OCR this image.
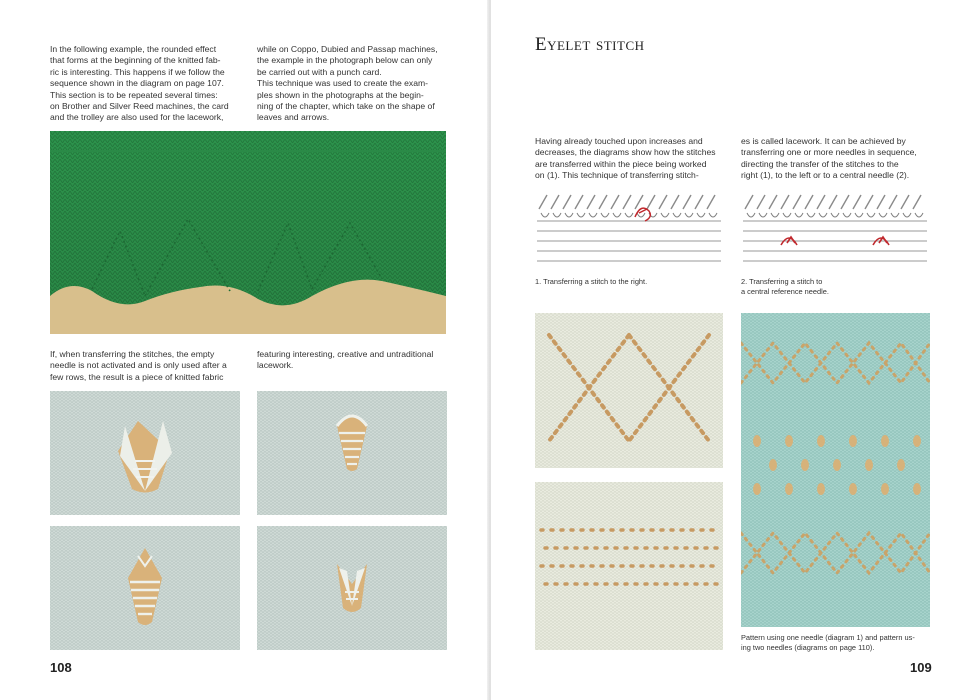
In the following example, the rounded effect
that forms at the beginning of the knitted fab-
ric is interesting. This happens if we follow the
sequence shown in the diagram on page 107.
This section is to be repeated several times:
on Brother and Silver Reed machines, the card
and the trolley are also used for the lacework,
while on Coppo, Dubied and Passap machines,
the example in the photograph below can only
be carried out with a punch card.
This technique was used to create the exam-
ples shown in the photographs at the begin-
ning of the chapter, which take on the shape of
leaves and arrows.
If, when transferring the stitches, the empty
needle is not activated and is only used after a
few rows, the result is a piece of knitted fabric
featuring interesting, creative and untraditional
lacework.
108
Eyelet stitch
Having already touched upon increases and
decreases, the diagrams show how the stitches
are transferred within the piece being worked
on (1). This technique of transferring stitch-
es is called lacework. It can be achieved by
transferring one or more needles in sequence,
directing the transfer of the stitches to the
right (1), to the left or to a central needle (2).
1. Transferring a stitch to the right.	2. Transferring a stitch to
a central reference needle.
Pattern using one needle (diagram 1) and pattern us-
ing two needles (diagrams on page 110).
109
